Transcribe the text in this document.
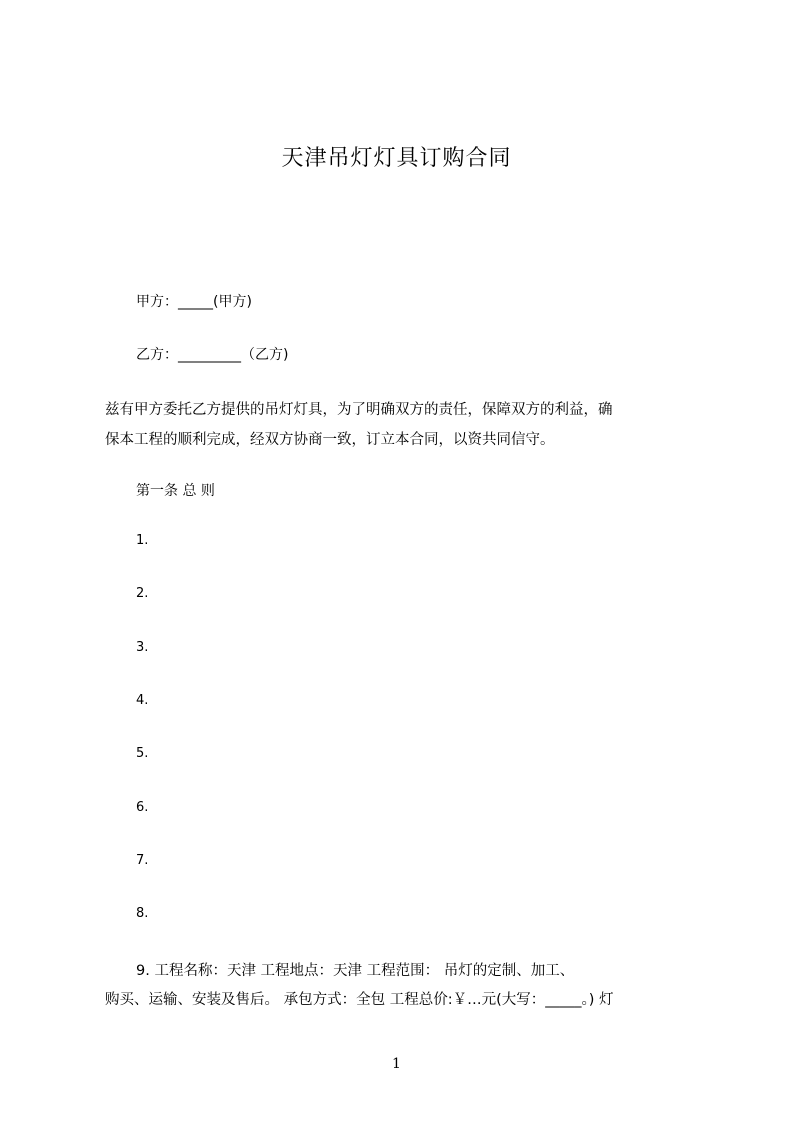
天津吊灯灯具订购合同
甲方：_____(甲方)
乙方：_________（乙方)
兹有甲方委托乙方提供的吊灯灯具，为了明确双方的责任，保障双方的利益，确
保本工程的顺利完成，经双方协商一致，订立本合同，以资共同信守。
第一条 总 则
1.
2.
3.
4.
5.
6.
7.
8.
9. 工程名称：天津 工程地点：天津 工程范围： 吊灯的定制、加工、
购买、运输、安装及售后。 承包方式：全包 工程总价:￥…元(大写：_____。) 灯
1
